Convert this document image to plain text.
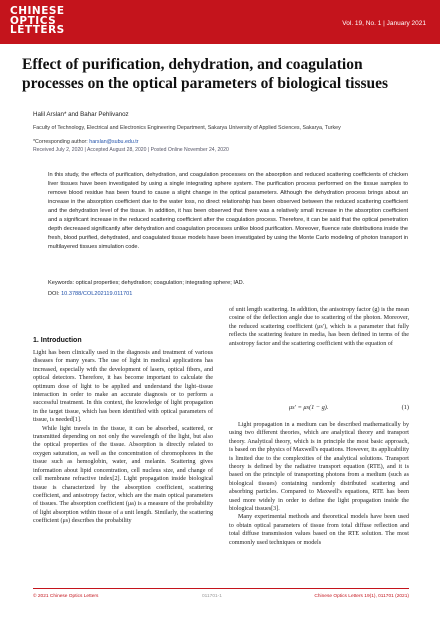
CHINESE
OPTICS
LETTERS
Vol. 19, No. 1 | January 2021
Effect of purification, dehydration, and coagulation processes on the optical parameters of biological tissues
Halil Arslan* and Bahar Pehlivanoz
Faculty of Technology, Electrical and Electronics Engineering Department, Sakarya University of Applied Sciences, Sakarya, Turkey
*Corresponding author: harslan@subu.edu.tr
Received July 2, 2020 | Accepted August 28, 2020 | Posted Online November 24, 2020

In this study, the effects of purification, dehydration, and coagulation processes on the absorption and reduced scattering coefficients of chicken liver tissues have been investigated by using a single integrating sphere system. The purification process performed on the tissue samples to remove blood residue has been found to cause a slight change in the optical parameters. Although the dehydration process brings about an increase in the absorption coefficient due to the water loss, no direct relationship has been observed between the reduced scattering coefficient and the dehydration level of the tissue. In addition, it has been observed that there was a relatively small increase in the absorption coefficient and a significant increase in the reduced scattering coefficient after the coagulation process. Therefore, it can be said that the optical penetration depth decreased significantly after dehydration and coagulation processes unlike blood purification. Moreover, fluence rate distributions inside the fresh, blood purified, dehydrated, and coagulated tissue models have been investigated by using the Monte Carlo modeling of photon transport in multilayered tissues simulation code.

Keywords: optical properties; dehydration; coagulation; integrating sphere; IAD.
DOI: 10.3788/COL202119.011701
1. Introduction

Light has been clinically used in the diagnosis and treatment of various diseases for many years. The use of light in medical applications has increased, especially with the development of lasers, optical fibers, and optical detectors. Therefore, it has become important to calculate the optimum dose of light to be applied and understand the light–tissue interaction in order to make an accurate diagnosis or to perform a successful treatment. In this context, the knowledge of light propagation in the target tissue, which has been identified with optical parameters of tissue, is needed[1].

While light travels in the tissue, it can be absorbed, scattered, or transmitted depending on not only the wavelength of the light, but also the optical properties of the tissue. Absorption is directly related to oxygen saturation, as well as the concentration of chromophores in the tissue such as hemoglobin, water, and melanin. Scattering gives information about lipid concentration, cell nucleus size, and change of cell membrane refractive index[2]. Light propagation inside biological tissue is characterized by the absorption coefficient, scattering coefficient, and anisotropy factor, which are the main optical parameters of tissues. The absorption coefficient (μa) is a measure of the probability of light absorption within tissue of a unit length. Similarly, the scattering coefficient (μs) describes the probability

of unit length scattering. In addition, the anisotropy factor (g) is the mean cosine of the deflection angle due to scattering of the photon. Moreover, the reduced scattering coefficient (μs′), which is a parameter that fully reflects the scattering feature in media, has been defined in terms of the anisotropy factor and the scattering coefficient with the equation of

μs′ = μs(1 − g).	(1)

Light propagation in a medium can be described mathematically by using two different theories, which are analytical theory and transport theory. Analytical theory, which is in principle the most basic approach, is based on the physics of Maxwell's equations. However, its applicability is limited due to the complexities of the analytical solutions. Transport theory is defined by the radiative transport equation (RTE), and it is based on the principle of transporting photons from a medium (such as biological tissues) containing randomly distributed scattering and absorbing particles. Compared to Maxwell's equations, RTE has been used more widely in order to define the light propagation inside the biological tissues[3].

Many experimental methods and theoretical models have been used to obtain optical parameters of tissue from total diffuse reflection and total diffuse transmission values based on the RTE solution. The most commonly used techniques or models

© 2021 Chinese Optics Letters	011701-1	Chinese Optics Letters 19(1), 011701 (2021)
